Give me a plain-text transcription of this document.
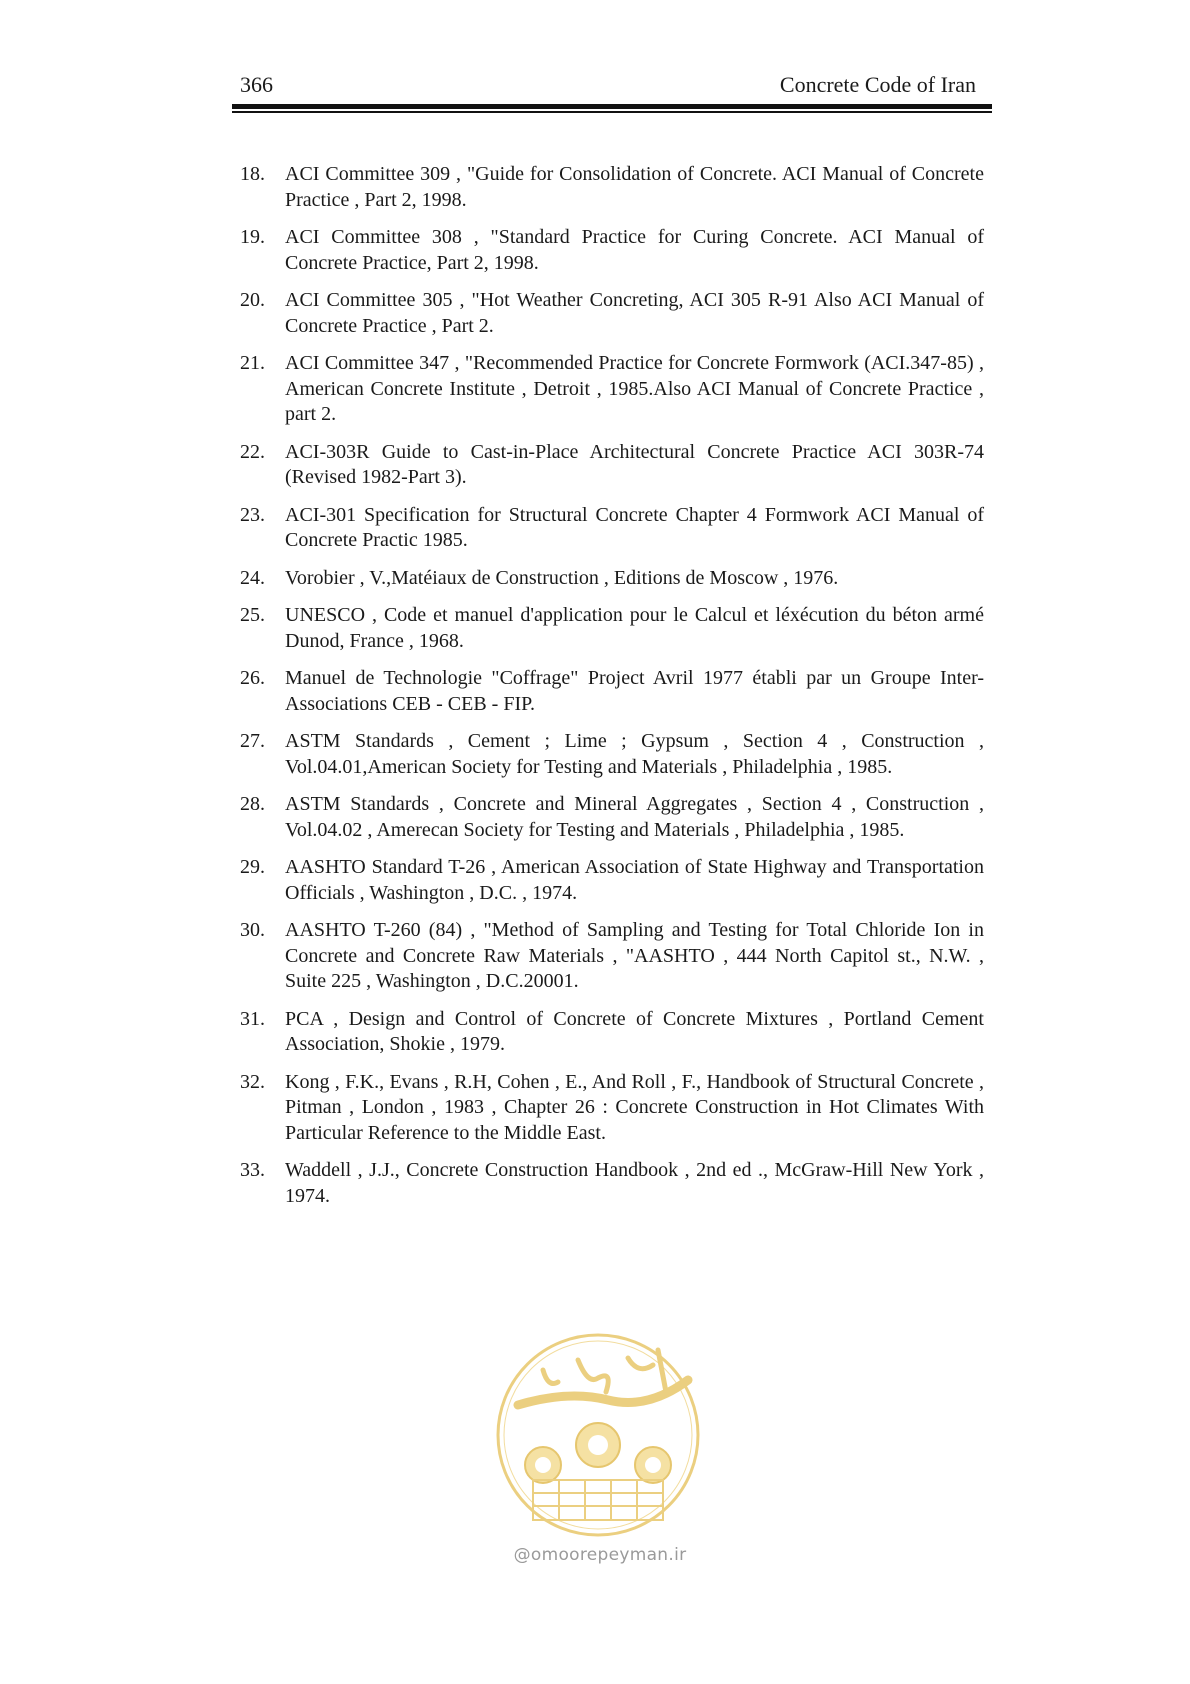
366	Concrete Code of Iran
18. ACI Committee 309 , "Guide for Consolidation of Concrete. ACI Manual of Concrete Practice , Part 2, 1998.
19. ACI Committee 308 , "Standard Practice for Curing Concrete. ACI Manual of Concrete Practice, Part 2, 1998.
20. ACI Committee 305 , "Hot Weather Concreting, ACI 305 R-91 Also ACI Manual of Concrete Practice , Part 2.
21. ACI Committee 347 , "Recommended Practice for Concrete Formwork (ACI.347-85) , American Concrete Institute , Detroit , 1985.Also ACI Manual of Concrete Practice , part 2.
22. ACI-303R Guide to Cast-in-Place Architectural Concrete Practice ACI 303R-74 (Revised 1982-Part 3).
23. ACI-301 Specification for Structural Concrete Chapter 4 Formwork ACI Manual of Concrete Practic 1985.
24. Vorobier , V.,Matéiaux de Construction , Editions de Moscow , 1976.
25. UNESCO , Code et manuel d'application pour le Calcul et léxécution du béton armé Dunod, France , 1968.
26. Manuel de Technologie "Coffrage" Project Avril 1977 établi par un Groupe Inter-Associations CEB - CEB - FIP.
27. ASTM Standards , Cement ; Lime ; Gypsum , Section 4 , Construction , Vol.04.01,American Society for Testing and Materials , Philadelphia , 1985.
28. ASTM Standards , Concrete and Mineral Aggregates , Section 4 , Construction , Vol.04.02 , Amerecan Society for Testing and Materials , Philadelphia , 1985.
29. AASHTO Standard T-26 , American Association of State Highway and Transportation Officials , Washington , D.C. , 1974.
30. AASHTO T-260 (84) , "Method of Sampling and Testing for Total Chloride Ion in Concrete and Concrete Raw Materials , "AASHTO , 444 North Capitol st., N.W. , Suite 225 , Washington , D.C.20001.
31. PCA , Design and Control of Concrete of Concrete Mixtures , Portland Cement Association, Shokie , 1979.
32. Kong , F.K., Evans , R.H, Cohen , E., And Roll , F., Handbook of Structural Concrete , Pitman , London , 1983 , Chapter 26 : Concrete Construction in Hot Climates With Particular Reference to the Middle East.
33. Waddell , J.J., Concrete Construction Handbook , 2nd ed ., McGraw-Hill New York , 1974.
@omoorepeyman.ir
